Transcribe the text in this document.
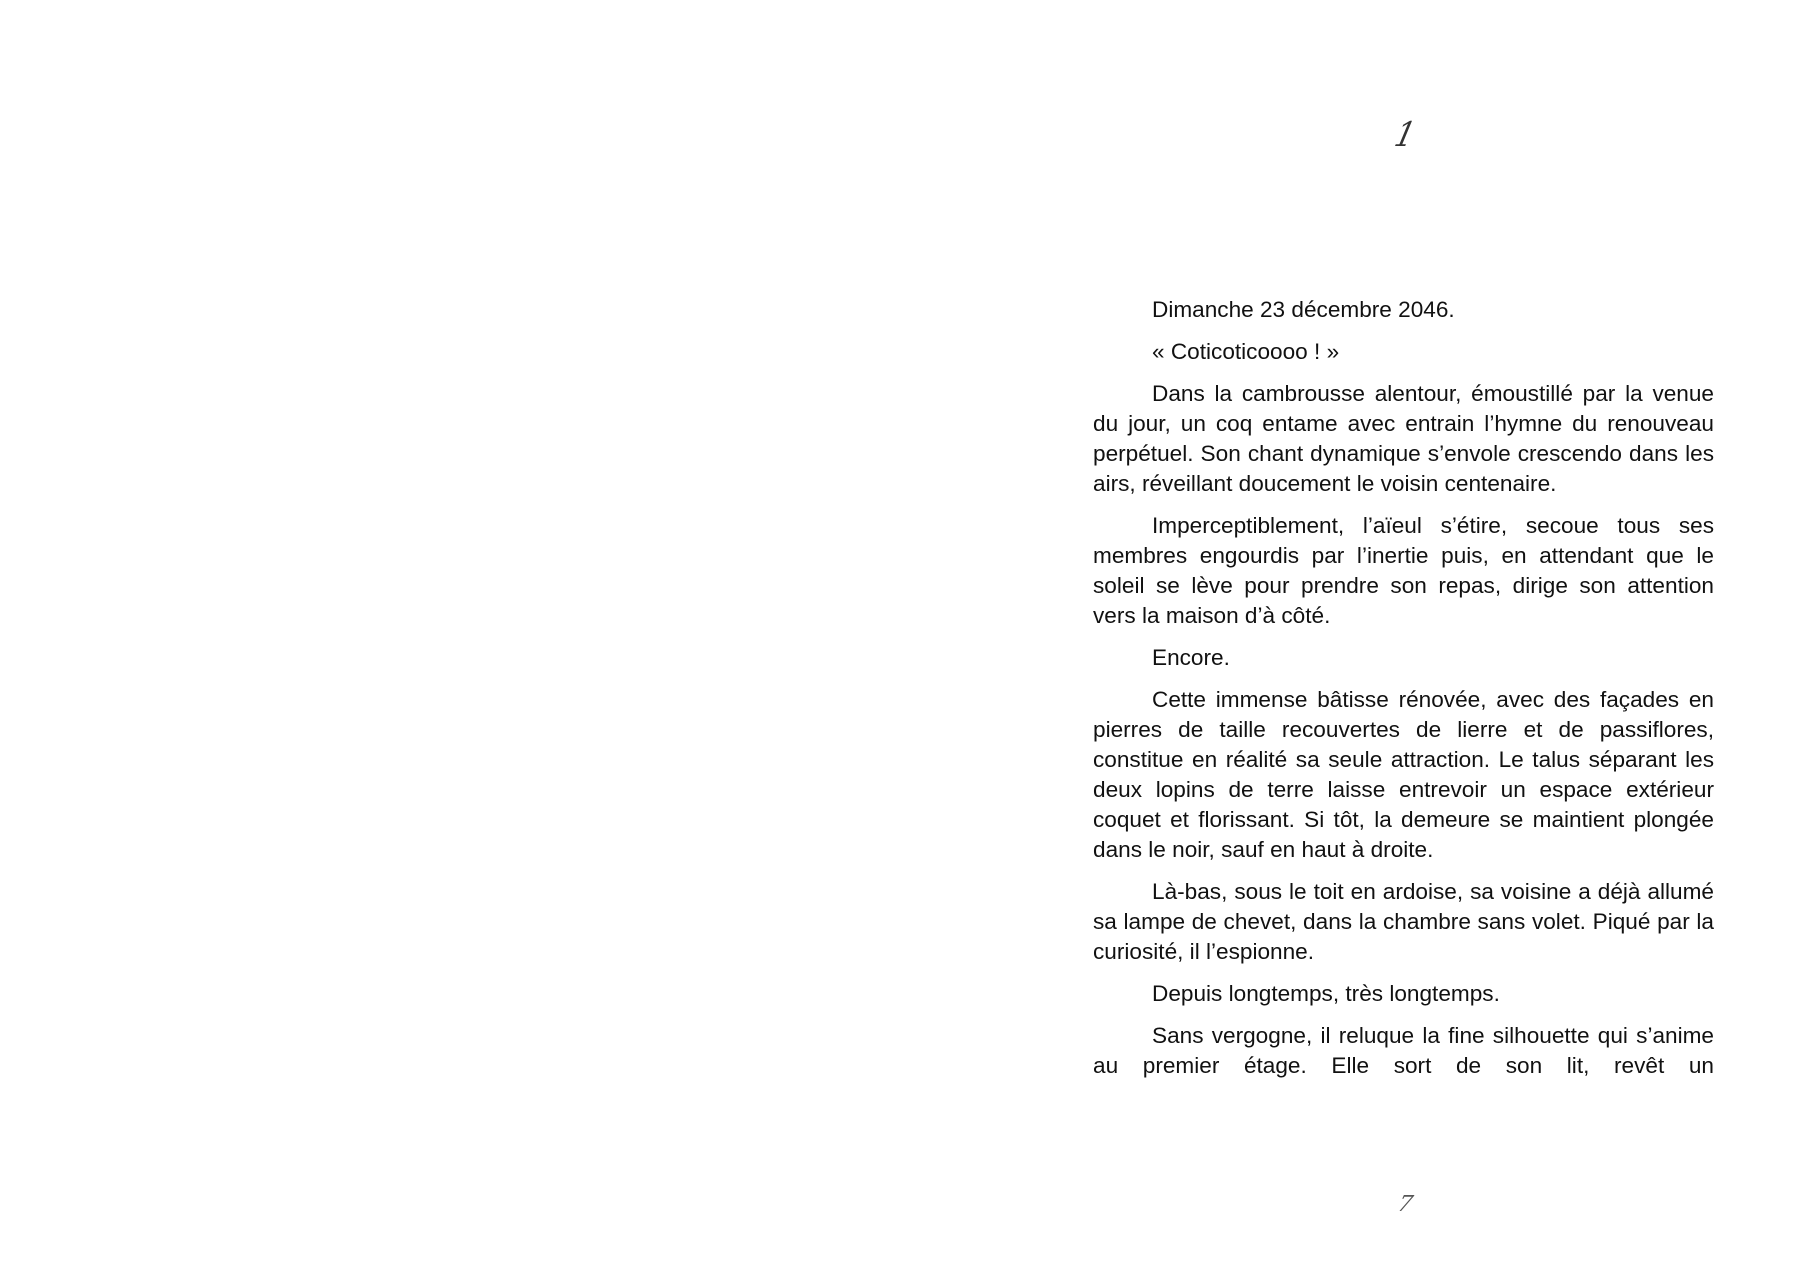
1

Dimanche 23 décembre 2046.

« Coticoticoooo ! »

Dans la cambrousse alentour, émoustillé par la venue du jour, un coq entame avec entrain l’hymne du renouveau perpétuel. Son chant dynamique s’envole crescendo dans les airs, réveillant doucement le voisin centenaire.

Imperceptiblement, l’aïeul s’étire, secoue tous ses membres engourdis par l’inertie puis, en attendant que le soleil se lève pour prendre son repas, dirige son attention vers la maison d’à côté.

Encore.

Cette immense bâtisse rénovée, avec des façades en pierres de taille recouvertes de lierre et de passiflores, constitue en réalité sa seule attraction. Le talus séparant les deux lopins de terre laisse entrevoir un espace extérieur coquet et florissant. Si tôt, la demeure se maintient plongée dans le noir, sauf en haut à droite.

Là-bas, sous le toit en ardoise, sa voisine a déjà allumé sa lampe de chevet, dans la chambre sans volet. Piqué par la curiosité, il l’espionne.

Depuis longtemps, très longtemps.

Sans vergogne, il reluque la fine silhouette qui s’anime au premier étage. Elle sort de son lit, revêt un

7
